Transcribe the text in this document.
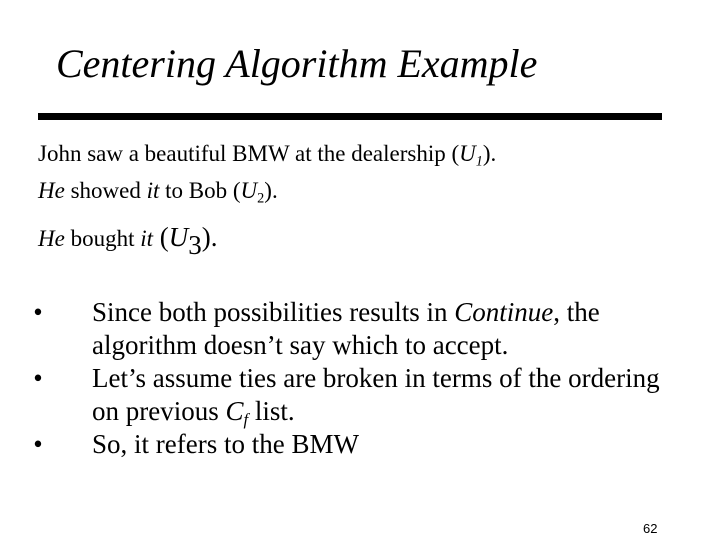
Centering Algorithm Example
John saw a beautiful BMW at the dealership $(U_1)$.
He showed it to Bob $(U_2)$.
He bought it $(U_3)$.
• Since both possibilities results in Continue, the algorithm doesn’t say which to accept.
• Let’s assume ties are broken in terms of the ordering on previous $C_f$ list.
• So, it refers to the BMW
62
